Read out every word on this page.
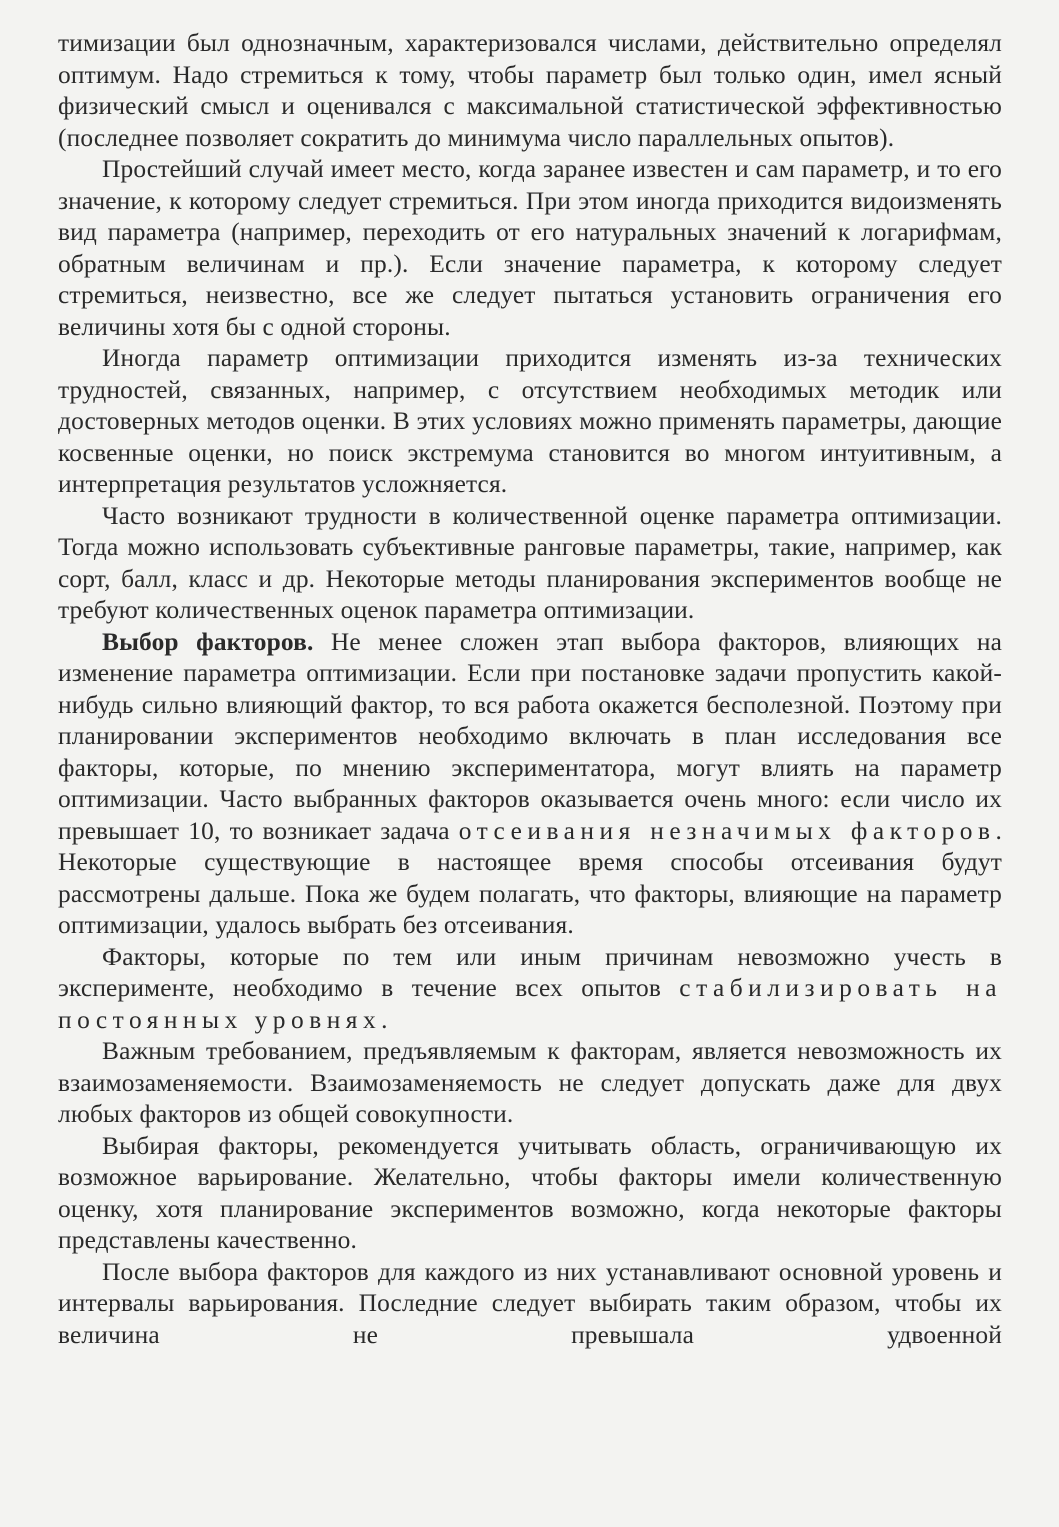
тимизации был однозначным, характеризовался числами, действительно определял оптимум. Надо стремиться к тому, чтобы параметр был только один, имел ясный физический смысл и оценивался с максимальной статистической эффективностью (последнее позволяет сократить до минимума число параллельных опытов).

Простейший случай имеет место, когда заранее известен и сам параметр, и то его значение, к которому следует стремиться. При этом иногда приходится видоизменять вид параметра (например, переходить от его натуральных значений к логарифмам, обратным величинам и пр.). Если значение параметра, к которому следует стремиться, неизвестно, все же следует пытаться установить ограничения его величины хотя бы с одной стороны.

Иногда параметр оптимизации приходится изменять из-за технических трудностей, связанных, например, с отсутствием необходимых методик или достоверных методов оценки. В этих условиях можно применять параметры, дающие косвенные оценки, но поиск экстремума становится во многом интуитивным, а интерпретация результатов усложняется.

Часто возникают трудности в количественной оценке параметра оптимизации. Тогда можно использовать субъективные ранговые параметры, такие, например, как сорт, балл, класс и др. Некоторые методы планирования экспериментов вообще не требуют количественных оценок параметра оптимизации.

Выбор факторов. Не менее сложен этап выбора факторов, влияющих на изменение параметра оптимизации. Если при постановке задачи пропустить какой-нибудь сильно влияющий фактор, то вся работа окажется бесполезной. Поэтому при планировании экспериментов необходимо включать в план исследования все факторы, которые, по мнению экспериментатора, могут влиять на параметр оптимизации. Часто выбранных факторов оказывается очень много: если число их превышает 10, то возникает задача отсеивания незначимых факторов. Некоторые существующие в настоящее время способы отсеивания будут рассмотрены дальше. Пока же будем полагать, что факторы, влияющие на параметр оптимизации, удалось выбрать без отсеивания.

Факторы, которые по тем или иным причинам невозможно учесть в эксперименте, необходимо в течение всех опытов стабилизировать на постоянных уровнях.

Важным требованием, предъявляемым к факторам, является невозможность их взаимозаменяемости. Взаимозаменяемость не следует допускать даже для двух любых факторов из общей совокупности.

Выбирая факторы, рекомендуется учитывать область, ограничивающую их возможное варьирование. Желательно, чтобы факторы имели количественную оценку, хотя планирование экспериментов возможно, когда некоторые факторы представлены качественно.

После выбора факторов для каждого из них устанавливают основной уровень и интервалы варьирования. Последние следует выбирать таким образом, чтобы их величина не превышала удвоенной
